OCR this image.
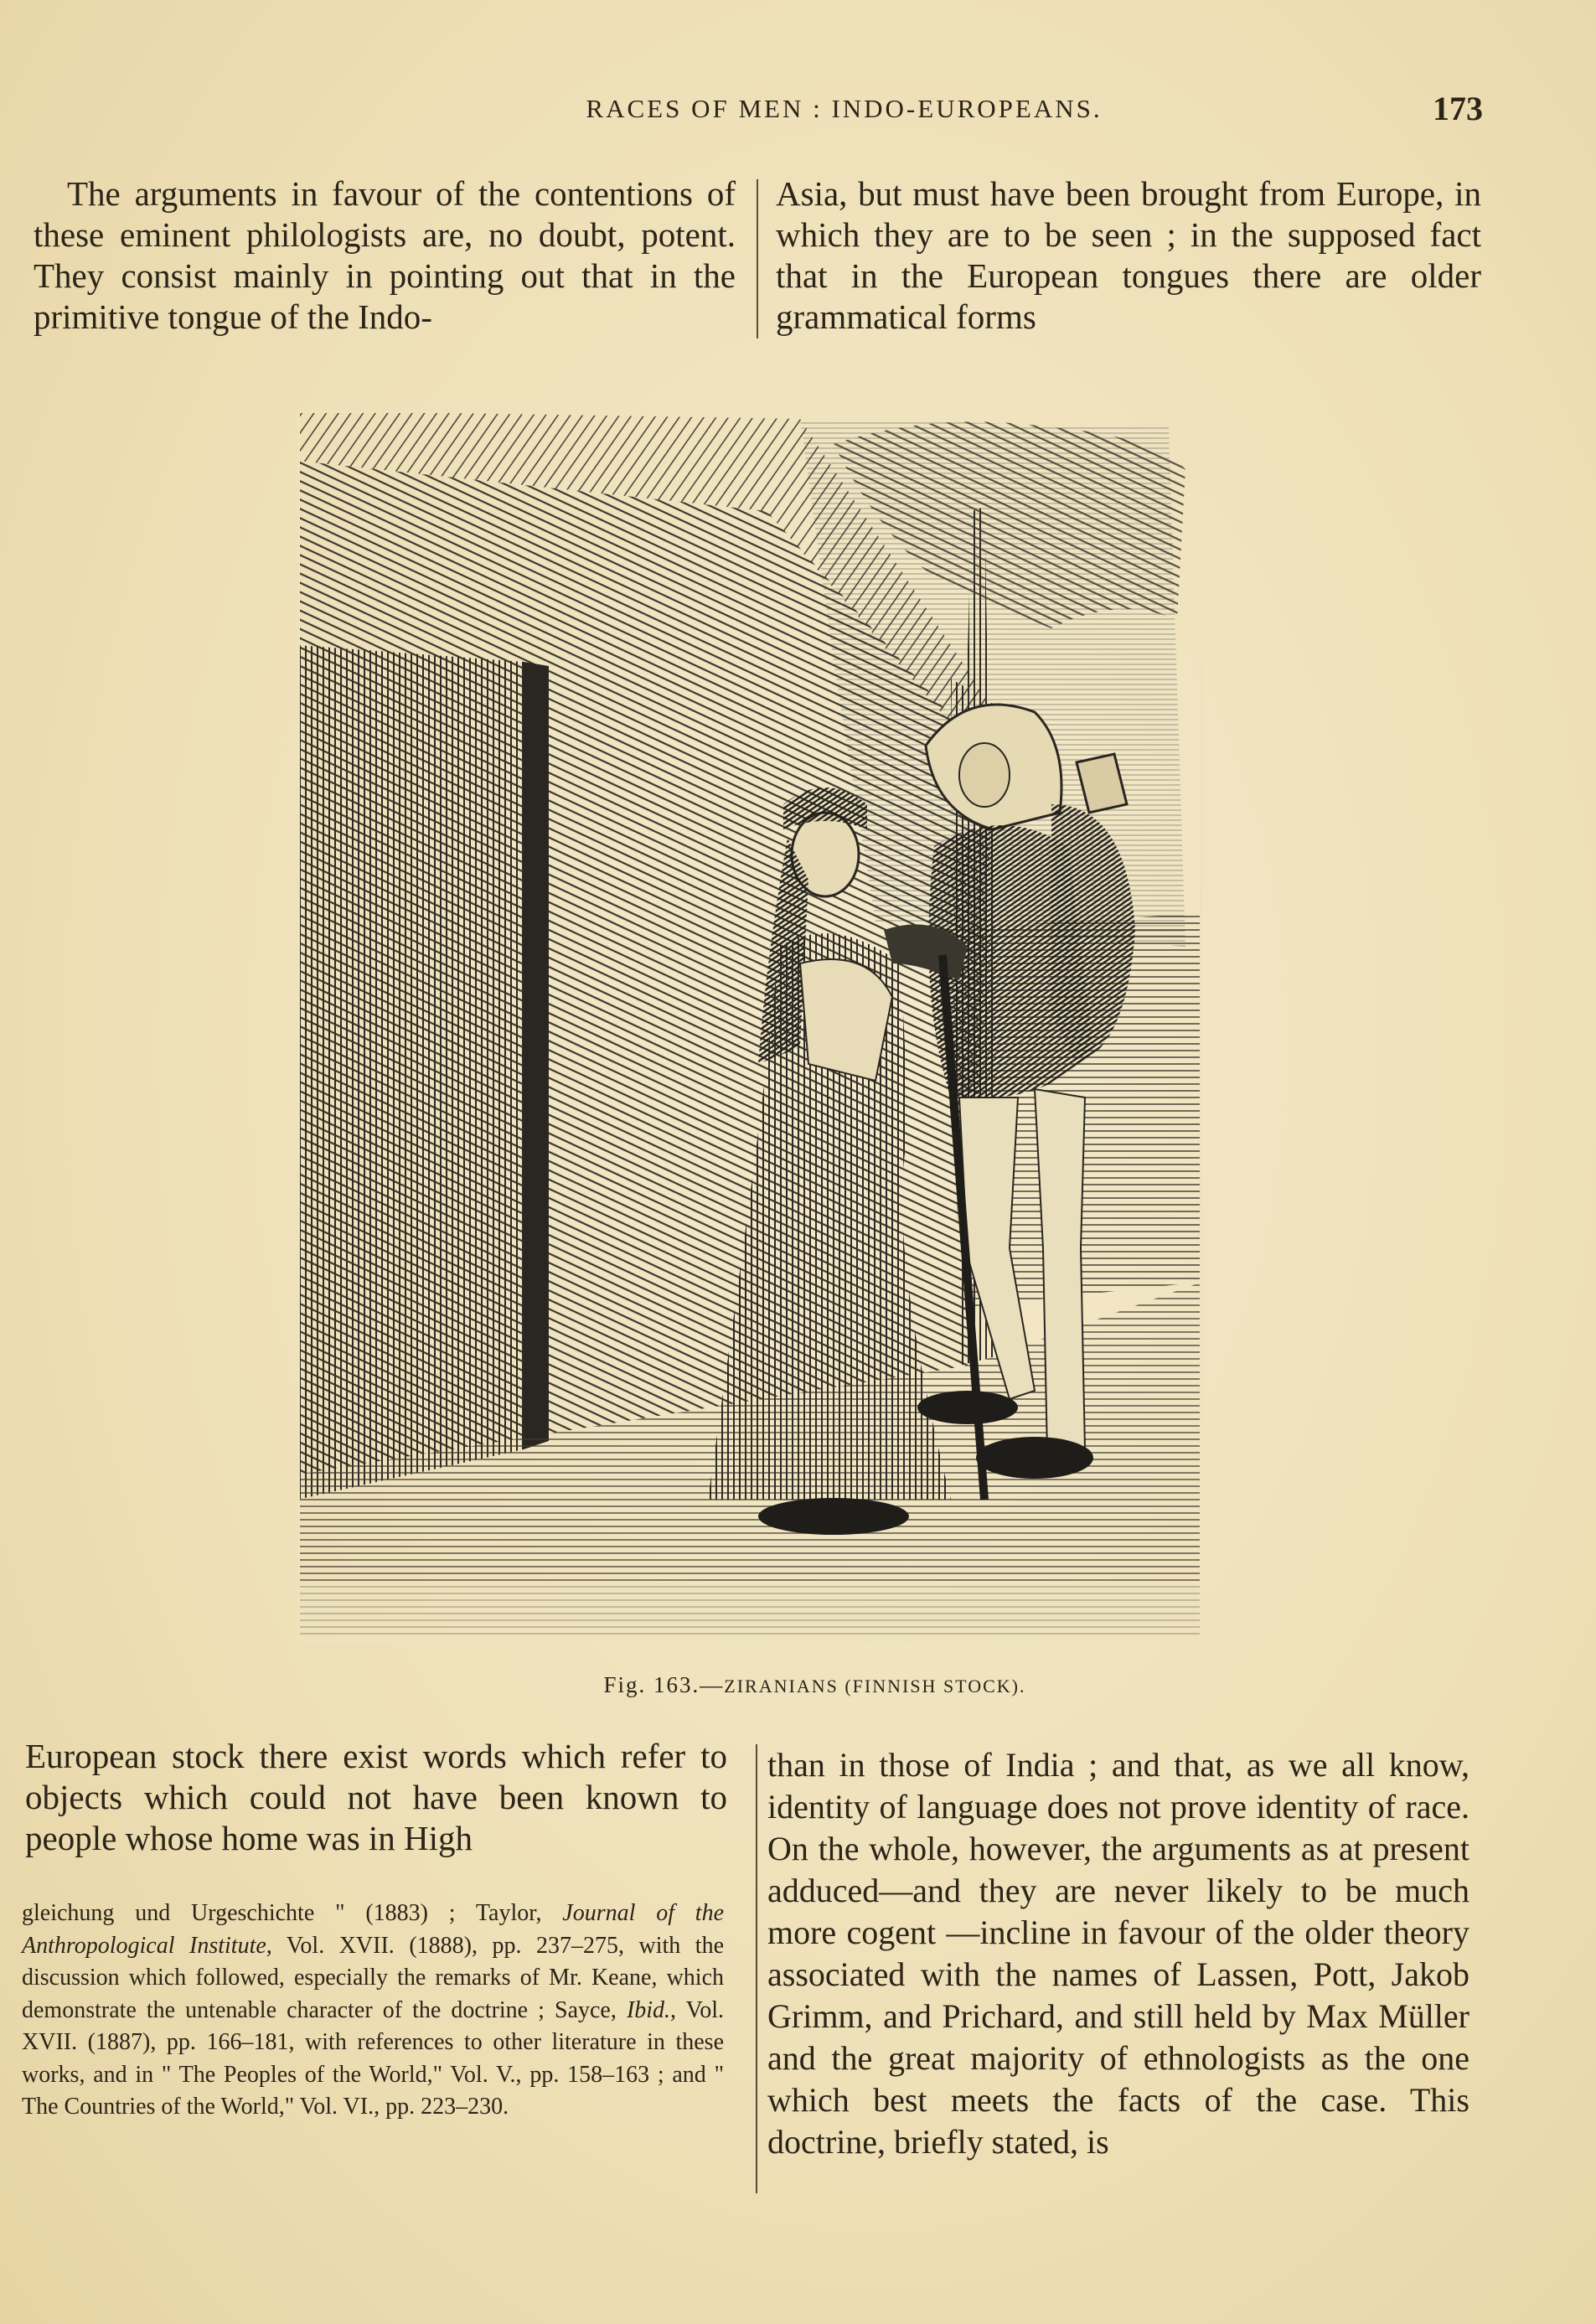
RACES OF MEN : INDO-EUROPEANS.	173

The arguments in favour of the contentions of these eminent philologists are, no doubt, potent. They consist mainly in pointing out that in the primitive tongue of the Indo-

Asia, but must have been brought from Europe, in which they are to be seen ; in the supposed fact that in the European tongues there are older grammatical forms

Fig. 163.—ZIRANIANS (FINNISH STOCK).

European stock there exist words which refer to objects which could not have been known to people whose home was in High

than in those of India ; and that, as we all know, identity of language does not prove identity of race. On the whole, however, the arguments as at present adduced—and they are never likely to be much more cogent —incline in favour of the older theory associated with the names of Lassen, Pott, Jakob Grimm, and Prichard, and still held by Max Müller and the great majority of ethnologists as the one which best meets the facts of the case. This doctrine, briefly stated, is

gleichung und Urgeschichte " (1883) ; Taylor, Journal of the Anthropological Institute, Vol. XVII. (1888), pp. 237–275, with the discussion which followed, especially the remarks of Mr. Keane, which demonstrate the untenable character of the doctrine ; Sayce, Ibid., Vol. XVII. (1887), pp. 166–181, with references to other literature in these works, and in " The Peoples of the World," Vol. V., pp. 158–163 ; and " The Countries of the World," Vol. VI., pp. 223–230.
